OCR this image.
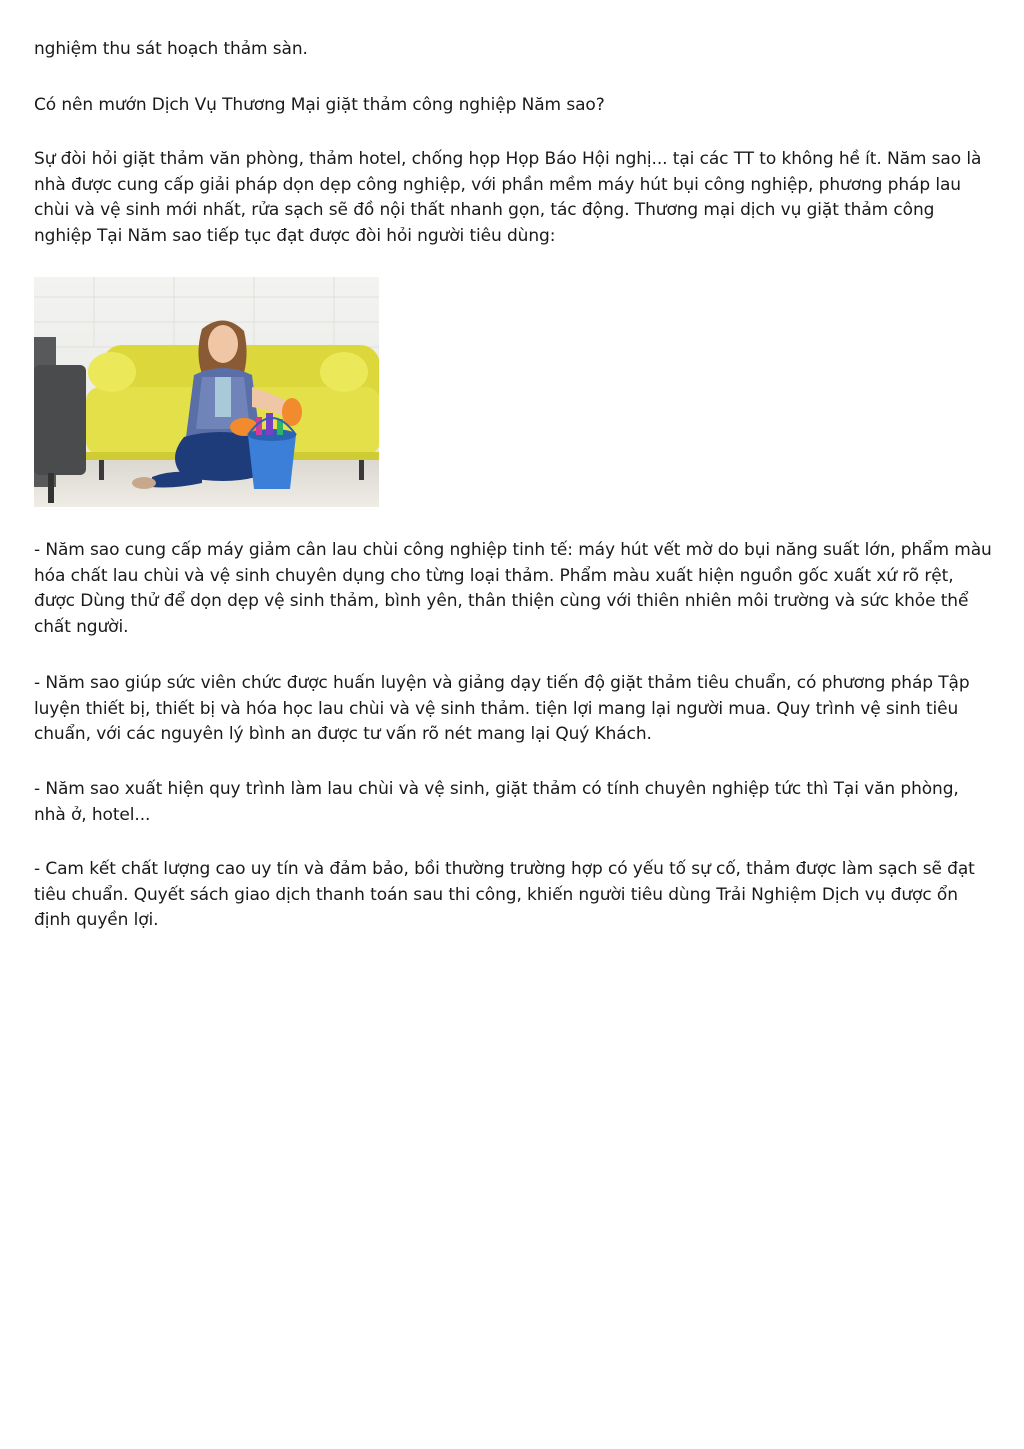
nghiệm thu sát hoạch thảm sàn.

Có nên mướn Dịch Vụ Thương Mại giặt thảm công nghiệp Năm sao?

Sự đòi hỏi giặt thảm văn phòng, thảm hotel, chống họp Họp Báo Hội nghị... tại các TT to không hề ít. Năm sao là nhà được cung cấp giải pháp dọn dẹp công nghiệp, với phần mềm máy hút bụi công nghiệp, phương pháp lau chùi và vệ sinh mới nhất, rửa sạch sẽ đồ nội thất nhanh gọn, tác động. Thương mại dịch vụ giặt thảm công nghiệp Tại Năm sao tiếp tục đạt được đòi hỏi người tiêu dùng:

- Năm sao cung cấp máy giảm cân lau chùi công nghiệp tinh tế: máy hút vết mờ do bụi năng suất lớn, phẩm màu hóa chất lau chùi và vệ sinh chuyên dụng cho từng loại thảm. Phẩm màu xuất hiện nguồn gốc xuất xứ rõ rệt, được Dùng thử để dọn dẹp vệ sinh thảm, bình yên, thân thiện cùng với thiên nhiên môi trường và sức khỏe thể chất người.

- Năm sao giúp sức viên chức được huấn luyện và giảng dạy tiến độ giặt thảm tiêu chuẩn, có phương pháp Tập luyện thiết bị, thiết bị và hóa học lau chùi và vệ sinh thảm. tiện lợi mang lại người mua. Quy trình vệ sinh tiêu chuẩn, với các nguyên lý bình an được tư vấn rõ nét mang lại Quý Khách.

- Năm sao xuất hiện quy trình làm lau chùi và vệ sinh, giặt thảm có tính chuyên nghiệp tức thì Tại văn phòng, nhà ở, hotel...

- Cam kết chất lượng cao uy tín và đảm bảo, bồi thường trường hợp có yếu tố sự cố, thảm được làm sạch sẽ đạt tiêu chuẩn. Quyết sách giao dịch thanh toán sau thi công, khiến người tiêu dùng Trải Nghiệm Dịch vụ được ổn định quyền lợi.
